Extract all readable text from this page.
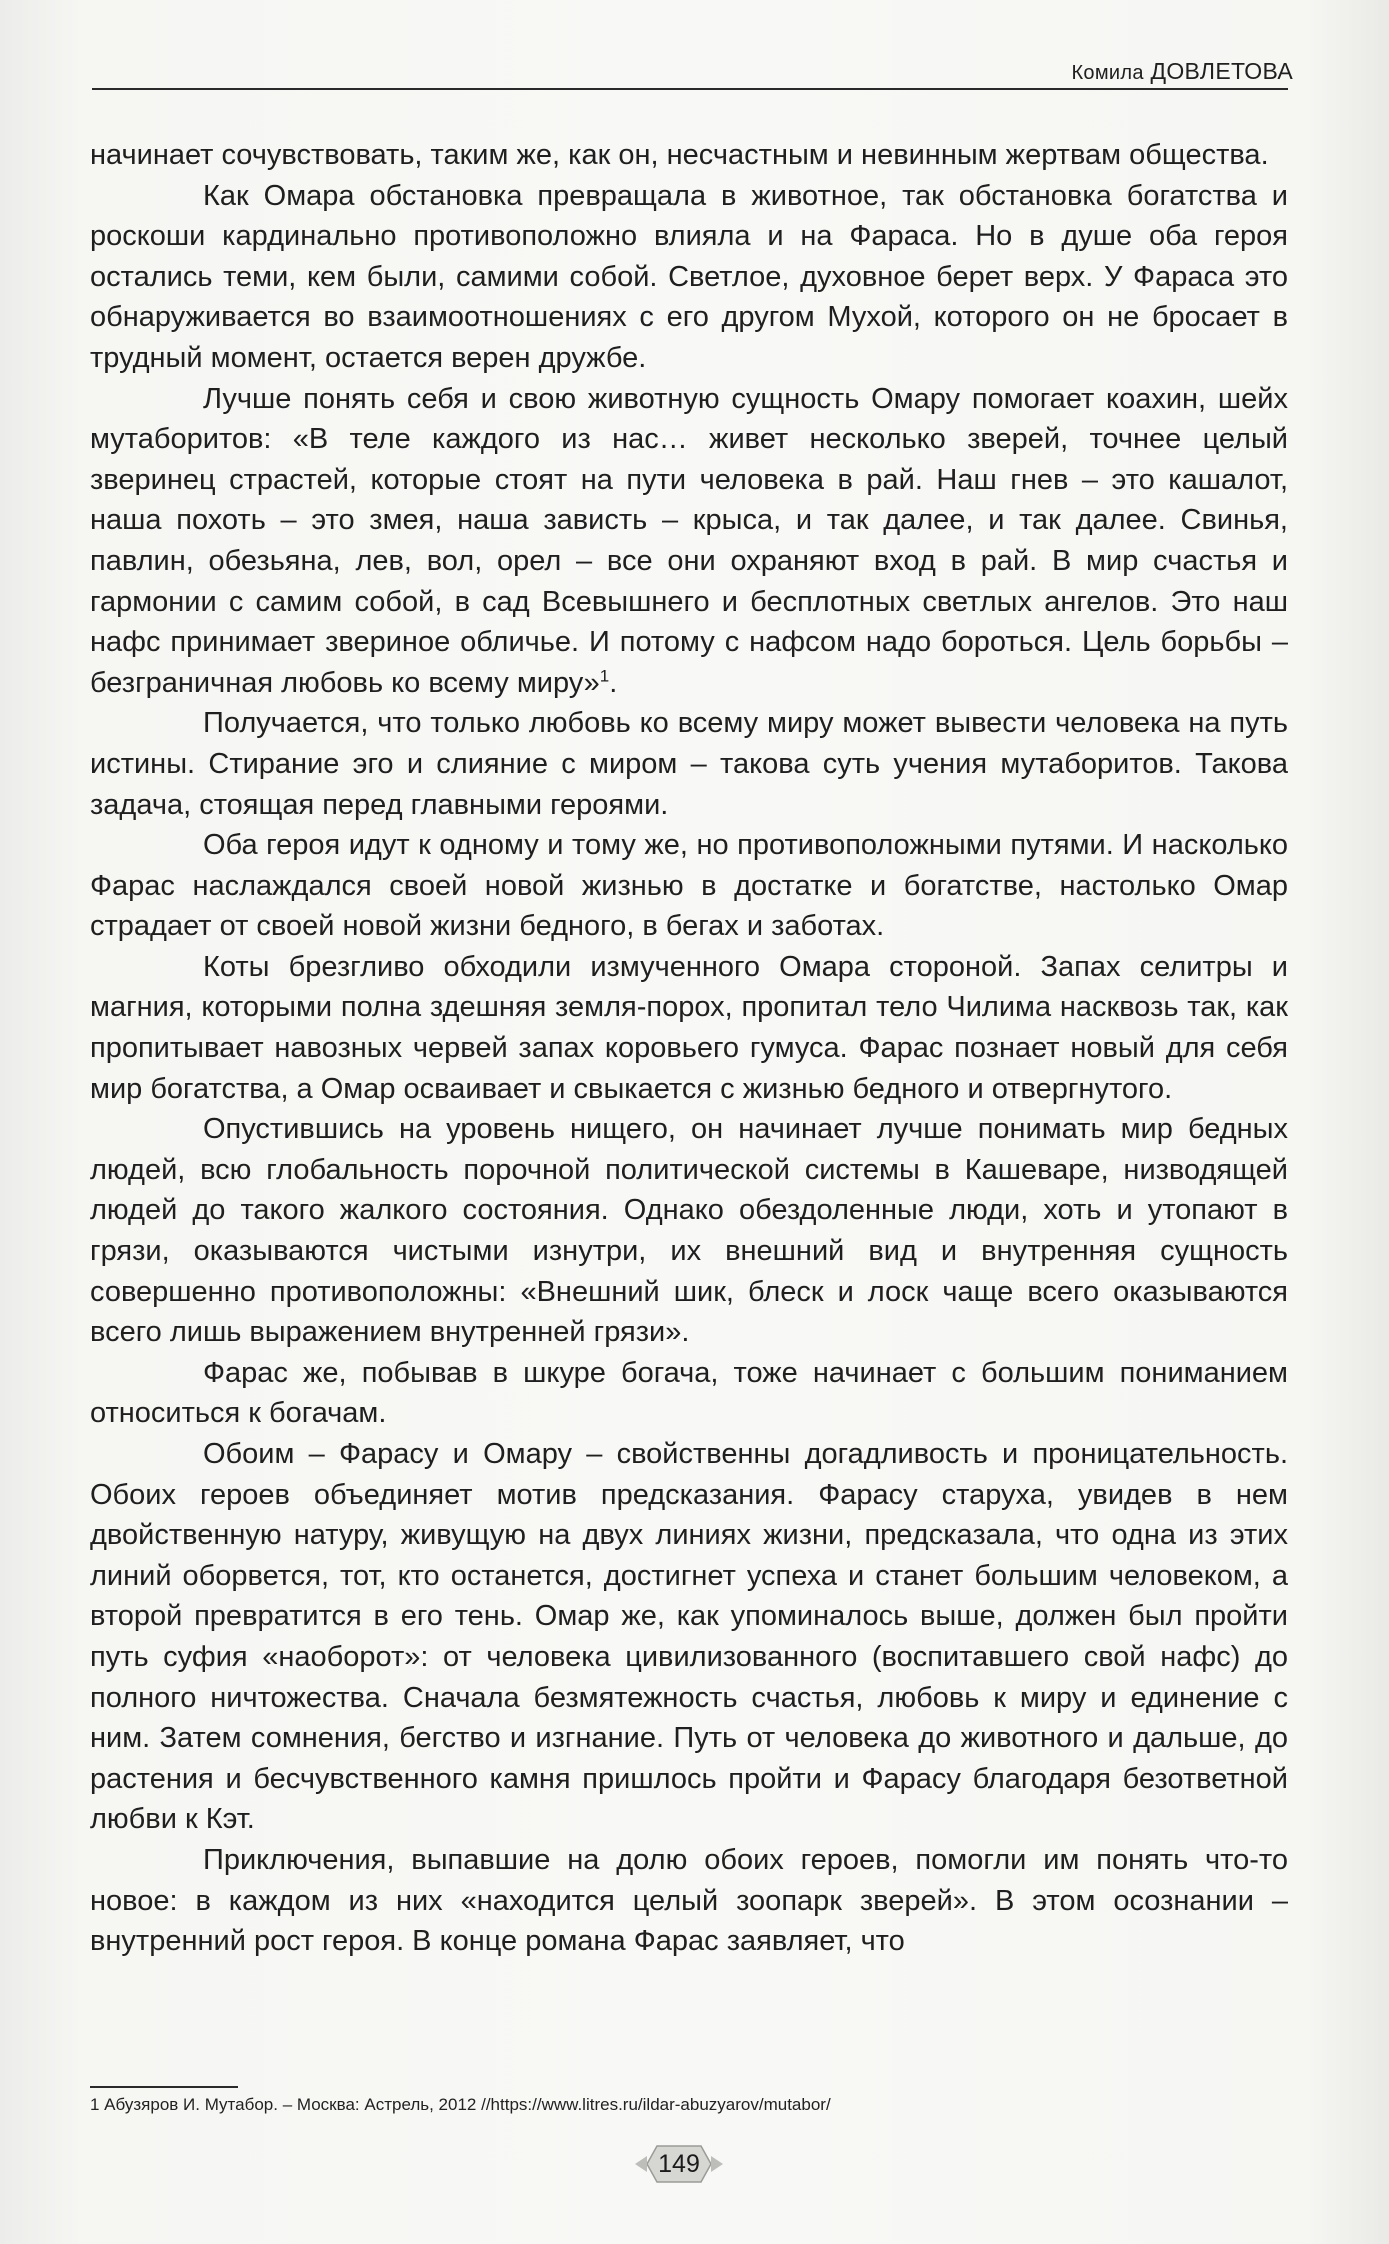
Комила ДОВЛЕТОВА

начинает сочувствовать, таким же, как он, несчастным и невинным жертвам общества.

Как Омара обстановка превращала в животное, так обстановка богатства и роскоши кардинально противоположно влияла и на Фараса. Но в душе оба героя остались теми, кем были, самими собой. Светлое, духовное берет верх. У Фараса это обнаруживается во взаимоотношениях с его другом Мухой, которого он не бросает в трудный момент, остается верен дружбе.

Лучше понять себя и свою животную сущность Омару помогает коахин, шейх мутаборитов: «В теле каждого из нас… живет несколько зверей, точнее целый зверинец страстей, которые стоят на пути человека в рай. Наш гнев – это кашалот, наша похоть – это змея, наша зависть – крыса, и так далее, и так далее. Свинья, павлин, обезьяна, лев, вол, орел – все они охраняют вход в рай. В мир счастья и гармонии с самим собой, в сад Всевышнего и бесплотных светлых ангелов. Это наш нафс принимает звериное обличье. И потому с нафсом надо бороться. Цель борьбы – безграничная любовь ко всему миру»$^1$.

Получается, что только любовь ко всему миру может вывести человека на путь истины. Стирание эго и слияние с миром – такова суть учения мутаборитов. Такова задача, стоящая перед главными героями.

Оба героя идут к одному и тому же, но противоположными путями. И насколько Фарас наслаждался своей новой жизнью в достатке и богатстве, настолько Омар страдает от своей новой жизни бедного, в бегах и заботах.

Коты брезгливо обходили измученного Омара стороной. Запах селитры и магния, которыми полна здешняя земля-порох, пропитал тело Чилима насквозь так, как пропитывает навозных червей запах коровьего гумуса. Фарас познает новый для себя мир богатства, а Омар осваивает и свыкается с жизнью бедного и отвергнутого.

Опустившись на уровень нищего, он начинает лучше понимать мир бедных людей, всю глобальность порочной политической системы в Кашеваре, низводящей людей до такого жалкого состояния. Однако обездоленные люди, хоть и утопают в грязи, оказываются чистыми изнутри, их внешний вид и внутренняя сущность совершенно противоположны: «Внешний шик, блеск и лоск чаще всего оказываются всего лишь выражением внутренней грязи».

Фарас же, побывав в шкуре богача, тоже начинает с большим пониманием относиться к богачам.

Обоим – Фарасу и Омару – свойственны догадливость и проницательность. Обоих героев объединяет мотив предсказания. Фарасу старуха, увидев в нем двойственную натуру, живущую на двух линиях жизни, предсказала, что одна из этих линий оборвется, тот, кто останется, достигнет успеха и станет большим человеком, а второй превратится в его тень. Омар же, как упоминалось выше, должен был пройти путь суфия «наоборот»: от человека цивилизованного (воспитавшего свой нафс) до полного ничтожества. Сначала безмятежность счастья, любовь к миру и единение с ним. Затем сомнения, бегство и изгнание. Путь от человека до животного и дальше, до растения и бесчувственного камня пришлось пройти и Фарасу благодаря безответной любви к Кэт.

Приключения, выпавшие на долю обоих героев, помогли им понять что-то новое: в каждом из них «находится целый зоопарк зверей». В этом осознании – внутренний рост героя. В конце романа Фарас заявляет, что

1 Абузяров И. Мутабор. – Москва: Астрель, 2012 //https://www.litres.ru/ildar-abuzyarov/mutabor/
149
